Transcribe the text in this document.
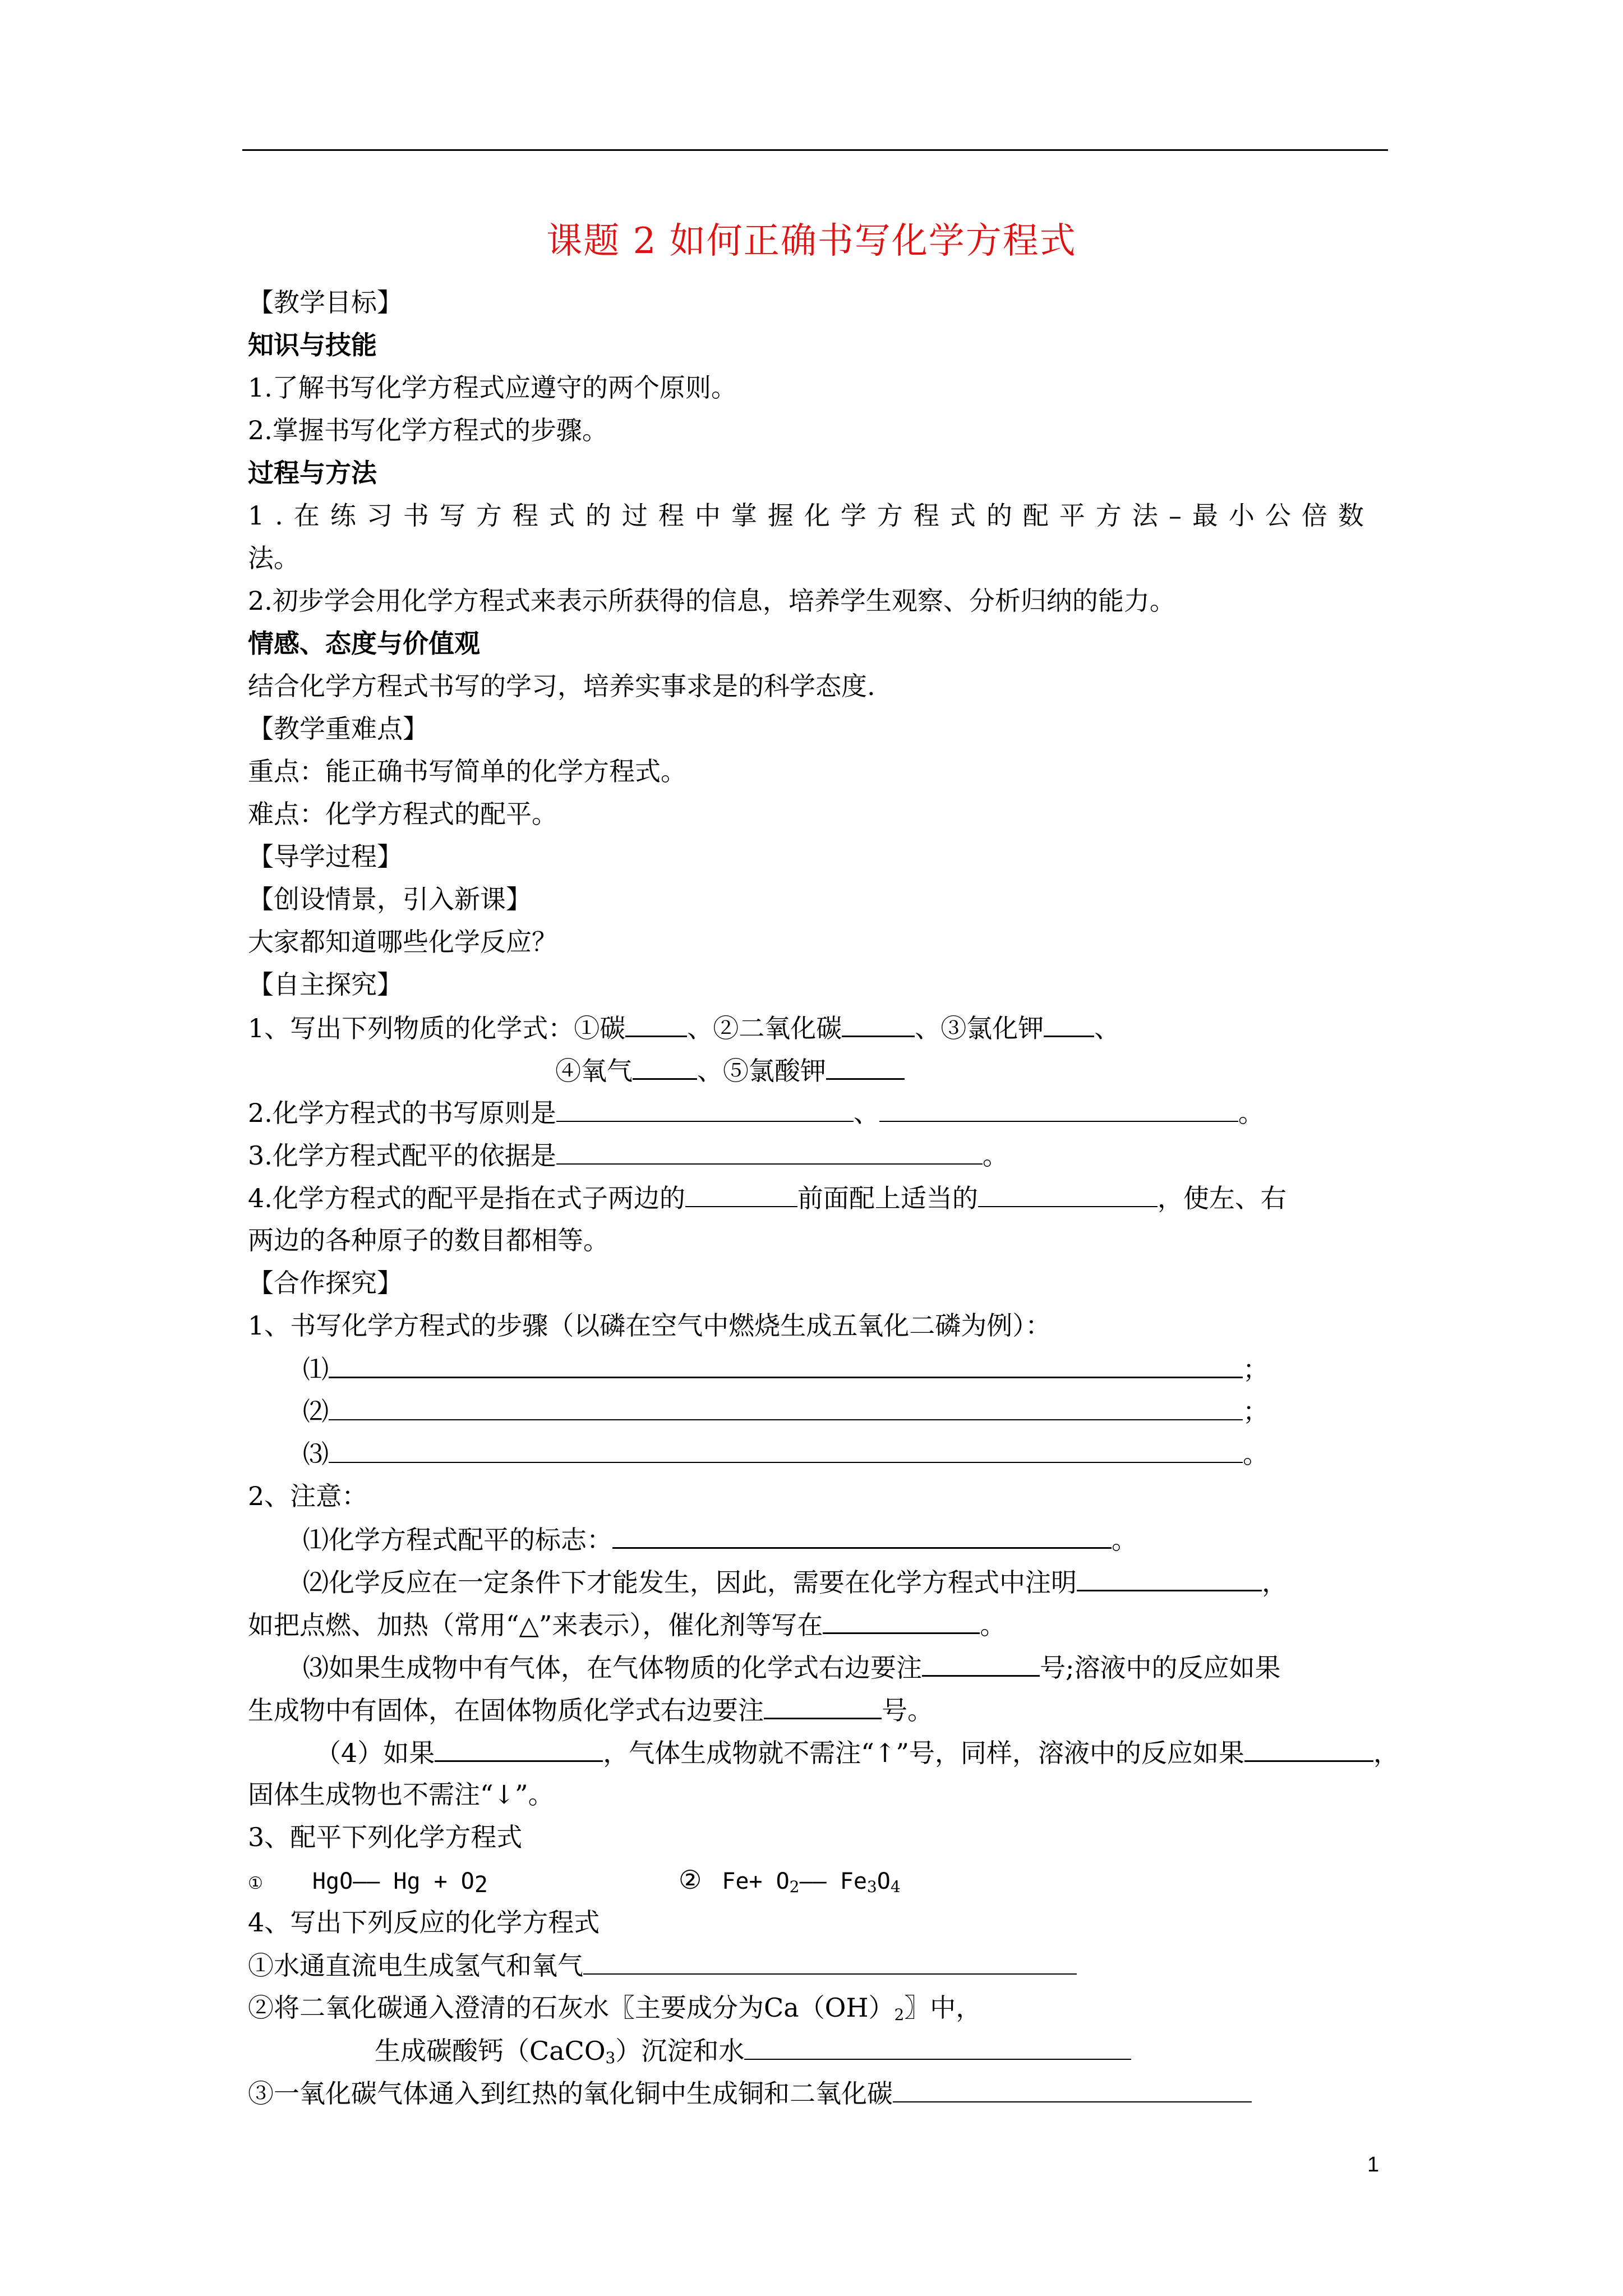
课题 2 如何正确书写化学方程式
【教学目标】
知识与技能
1.了解书写化学方程式应遵守的两个原则。
2.掌握书写化学方程式的步骤。
过程与方法
1.在练习书写方程式的过程中掌握化学方程式的配平方法–最小公倍数
法。
2.初步学会用化学方程式来表示所获得的信息，培养学生观察、分析归纳的能力。
情感、态度与价值观
结合化学方程式书写的学习，培养实事求是的科学态度.
【教学重难点】
重点：能正确书写简单的化学方程式。
难点：化学方程式的配平。
【导学过程】
【创设情景，引入新课】
大家都知道哪些化学反应？
【自主探究】
1、写出下列物质的化学式：①碳 、②二氧化碳	、③氯化钾 、
④氧气	、⑤氯酸钾
2.化学方程式的书写原则是	、	。
3.化学方程式配平的依据是	。
4.化学方程式的配平是指在式子两边的	前面配上适当的	，使左、右
两边的各种原子的数目都相等。
【合作探究】
1、书写化学方程式的步骤（以磷在空气中燃烧生成五氧化二磷为例）：
⑴	；
⑵	；
⑶	。
2、注意：
⑴化学方程式配平的标志：	。
⑵化学反应在一定条件下才能发生，因此，需要在化学方程式中注明	，
如把点燃、加热（常用“△”来表示），催化剂等写在	。
⑶如果生成物中有气体，在气体物质的化学式右边要注	号;溶液中的反应如果
生成物中有固体，在固体物质化学式右边要注	号。
（4）如果	，气体生成物就不需注“↑”号，同样，溶液中的反应如果	，
固体生成物也不需注“↓”。
3、配平下列化学方程式
① HgO—— $Hg + O_2$	② $Fe+ O_2——$ $Fe_3O_4$
4、写出下列反应的化学方程式
①水通直流电生成氢气和氧气
②将二氧化碳通入澄清的石灰水〖主要成分为$Ca(OH)_2$〗中，
生成碳酸钙（CaCO$_3$）沉淀和水
③一氧化碳气体通入到红热的氧化铜中生成铜和二氧化碳
1
